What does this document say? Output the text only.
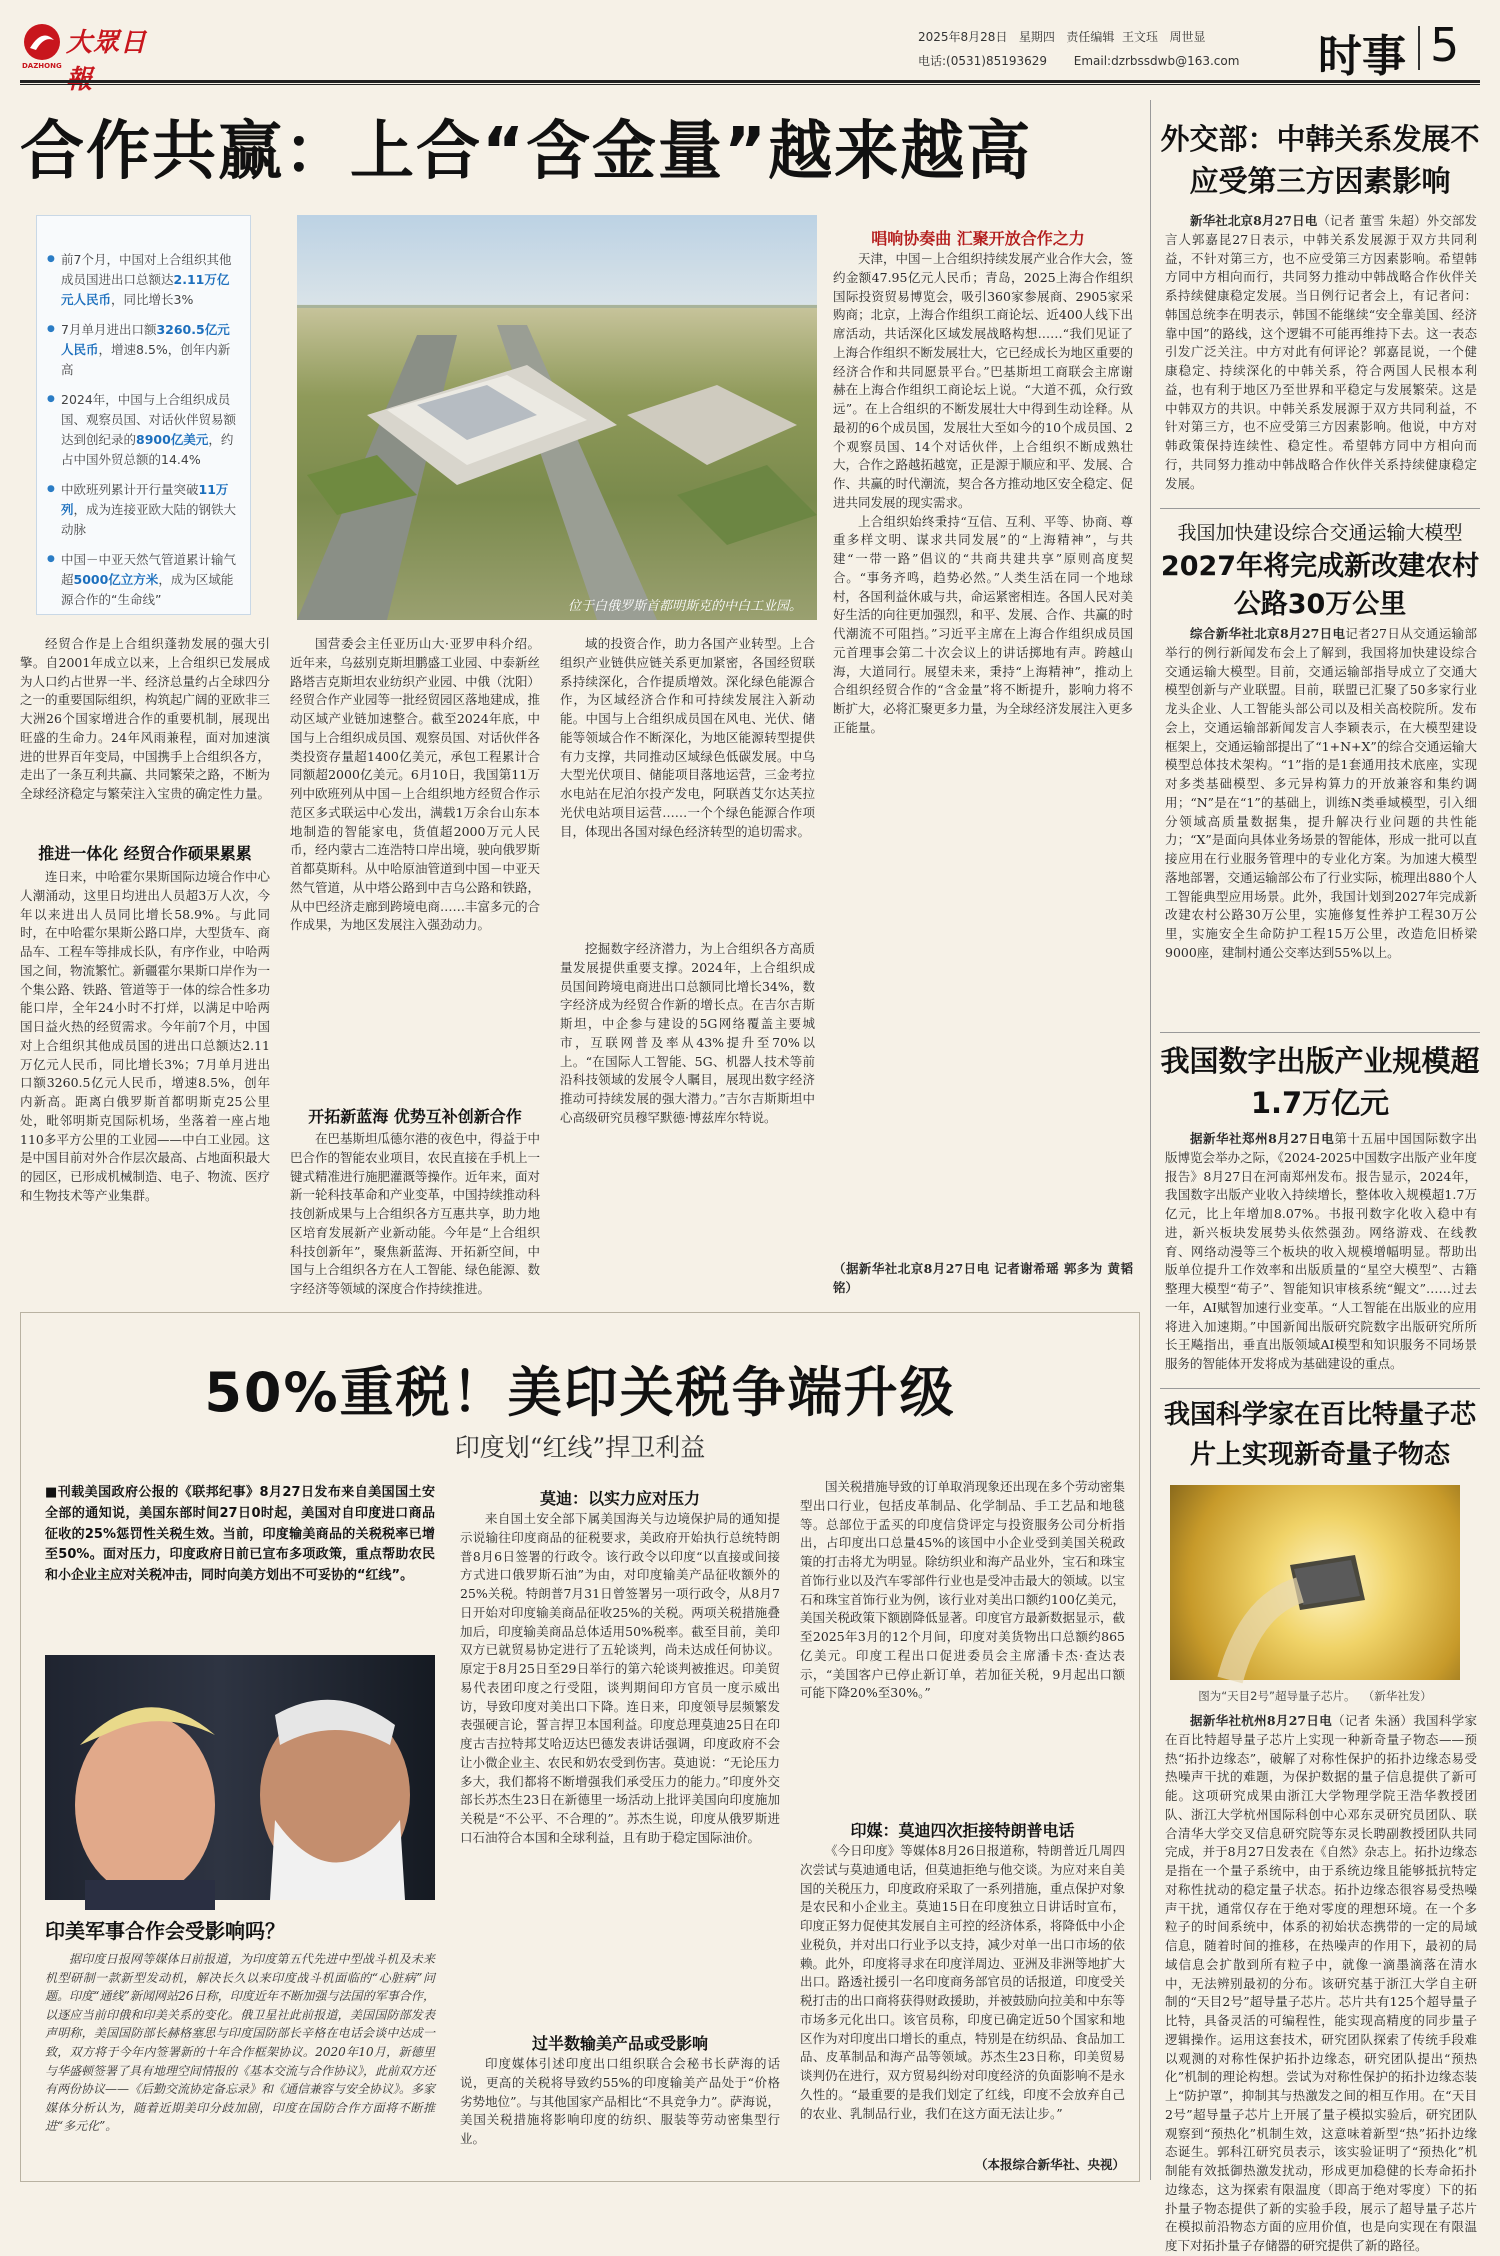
大眾日報
DAZHONG
2025年8月28日 星期四 责任编辑 王文珏 周世显
电话:(0531)85193629 Email:dzrbssdwb@163.com 时事 5
合作共赢：上合“含金量”越来越高
● 前7个月，中国对上合组织其他成员国进出口总额达2.11万亿元人民币，同比增长3%
● 7月单月进出口额3260.5亿元人民币，增速8.5%，创年内新高
● 2024年，中国与上合组织成员国、观察员国、对话伙伴贸易额达到创纪录的8900亿美元，约占中国外贸总额的14.4%
● 中欧班列累计开行量突破11万列，成为连接亚欧大陆的钢铁大动脉
● 中国－中亚天然气管道累计输气超5000亿立方米，成为区域能源合作的“生命线”	位于白俄罗斯首都明斯克的中白工业园。
唱响协奏曲 汇聚开放合作之力

天津，中国－上合组织持续发展产业合作大会，签约金额47.95亿元人民币；青岛，2025上海合作组织国际投资贸易博览会，吸引360家参展商、2905家采购商；北京，上海合作组织工商论坛、近400人线下出席活动，共话深化区域发展战略构想……“我们见证了上海合作组织不断发展壮大，它已经成长为地区重要的经济合作和共同愿景平台。”巴基斯坦工商联会主席谢赫在上海合作组织工商论坛上说。“大道不孤，众行致远”。在上合组织的不断发展壮大中得到生动诠释。从最初的6个成员国，发展壮大至如今的10个成员国、2个观察员国、14个对话伙伴，上合组织不断成熟壮大，合作之路越拓越宽，正是源于顺应和平、发展、合作、共赢的时代潮流，契合各方推动地区安全稳定、促进共同发展的现实需求。

上合组织始终秉持“互信、互利、平等、协商、尊重多样文明、谋求共同发展”的“上海精神”，与共建“一带一路”倡议的“共商共建共享”原则高度契合。“事务齐鸣，趋势必然。”人类生活在同一个地球村，各国利益休戚与共，命运紧密相连。各国人民对美好生活的向往更加强烈，和平、发展、合作、共赢的时代潮流不可阻挡。”习近平主席在上海合作组织成员国元首理事会第二十次会议上的讲话掷地有声。跨越山海，大道同行。展望未来，秉持“上海精神”，推动上合组织经贸合作的“含金量”将不断提升，影响力将不断扩大，必将汇聚更多力量，为全球经济发展注入更多正能量。

（据新华社北京8月27日电 记者谢希瑶 郭多为 黄韬铭）

经贸合作是上合组织蓬勃发展的强大引擎。自2001年成立以来，上合组织已发展成为人口约占世界一半、经济总量约占全球四分之一的重要国际组织，构筑起广阔的亚欧非三大洲26个国家增进合作的重要机制，展现出旺盛的生命力。24年风雨兼程，面对加速演进的世界百年变局，中国携手上合组织各方，走出了一条互利共赢、共同繁荣之路，不断为全球经济稳定与繁荣注入宝贵的确定性力量。

推进一体化 经贸合作硕果累累

连日来，中哈霍尔果斯国际边境合作中心人潮涌动，这里日均进出人员超3万人次，今年以来进出人员同比增长58.9%。与此同时，在中哈霍尔果斯公路口岸，大型货车、商品车、工程车等排成长队，有序作业，中哈两国之间，物流繁忙。新疆霍尔果斯口岸作为一个集公路、铁路、管道等于一体的综合性多功能口岸，全年24小时不打烊，以满足中哈两国日益火热的经贸需求。今年前7个月，中国对上合组织其他成员国的进出口总额达2.11万亿元人民币，同比增长3%；7月单月进出口额3260.5亿元人民币，增速8.5%，创年内新高。距离白俄罗斯首都明斯克25公里处，毗邻明斯克国际机场，坐落着一座占地110多平方公里的工业园——中白工业园。这是中国目前对外合作层次最高、占地面积最大的园区，已形成机械制造、电子、物流、医疗和生物技术等产业集群。

国营委会主任亚历山大·亚罗申科介绍。近年来，乌兹别克斯坦鹏盛工业园、中泰新丝路塔吉克斯坦农业纺织产业园、中俄（沈阳）经贸合作产业园等一批经贸园区落地建成，推动区域产业链加速整合。截至2024年底，中国与上合组织成员国、观察员国、对话伙伴各类投资存量超1400亿美元，承包工程累计合同额超2000亿美元。6月10日，我国第11万列中欧班列从中国－上合组织地方经贸合作示范区多式联运中心发出，满载1万余台山东本地制造的智能家电，货值超2000万元人民币，经内蒙古二连浩特口岸出境，驶向俄罗斯首都莫斯科。从中哈原油管道到中国－中亚天然气管道，从中塔公路到中吉乌公路和铁路，从中巴经济走廊到跨境电商……丰富多元的合作成果，为地区发展注入强劲动力。

开拓新蓝海 优势互补创新合作

在巴基斯坦瓜德尔港的夜色中，得益于中巴合作的智能农业项目，农民直接在手机上一键式精准进行施肥灌溉等操作。近年来，面对新一轮科技革命和产业变革，中国持续推动科技创新成果与上合组织各方互惠共享，助力地区培育发展新产业新动能。今年是“上合组织科技创新年”，聚焦新蓝海、开拓新空间，中国与上合组织各方在人工智能、绿色能源、数字经济等领域的深度合作持续推进。

域的投资合作，助力各国产业转型。上合组织产业链供应链关系更加紧密，各国经贸联系持续深化，合作提质增效。深化绿色能源合作，为区域经济合作和可持续发展注入新动能。中国与上合组织成员国在风电、光伏、储能等领域合作不断深化，为地区能源转型提供有力支撑，共同推动区域绿色低碳发展。中乌大型光伏项目、储能项目落地运营，三金考拉水电站在尼泊尔投产发电，阿联酋艾尔达芙拉光伏电站项目运营……一个个绿色能源合作项目，体现出各国对绿色经济转型的追切需求。

挖掘数字经济潜力，为上合组织各方高质量发展提供重要支撑。2024年，上合组织成员国间跨境电商进出口总额同比增长34%，数字经济成为经贸合作新的增长点。在吉尔吉斯斯坦，中企参与建设的5G网络覆盖主要城市，互联网普及率从43%提升至70%以上。“在国际人工智能、5G、机器人技术等前沿科技领域的发展令人瞩目，展现出数字经济推动可持续发展的强大潜力。”吉尔吉斯斯坦中心高级研究员穆罕默德·博兹库尔特说。

外交部：中韩关系发展不应受第三方因素影响

新华社北京8月27日电（记者 董雪 朱超）外交部发言人郭嘉昆27日表示，中韩关系发展源于双方共同利益，不针对第三方，也不应受第三方因素影响。希望韩方同中方相向而行，共同努力推动中韩战略合作伙伴关系持续健康稳定发展。当日例行记者会上，有记者问：韩国总统李在明表示，韩国不能继续“安全靠美国、经济靠中国”的路线，这个逻辑不可能再维持下去。这一表态引发广泛关注。中方对此有何评论？郭嘉昆说，一个健康稳定、持续深化的中韩关系，符合两国人民根本利益，也有利于地区乃至世界和平稳定与发展繁荣。这是中韩双方的共识。中韩关系发展源于双方共同利益，不针对第三方，也不应受第三方因素影响。他说，中方对韩政策保持连续性、稳定性。希望韩方同中方相向而行，共同努力推动中韩战略合作伙伴关系持续健康稳定发展。

我国加快建设综合交通运输大模型
2027年将完成新改建农村公路30万公里

综合新华社北京8月27日电记者27日从交通运输部举行的例行新闻发布会上了解到，我国将加快建设综合交通运输大模型。目前，交通运输部指导成立了交通大模型创新与产业联盟。目前，联盟已汇聚了50多家行业龙头企业、人工智能头部公司以及相关高校院所。发布会上，交通运输部新闻发言人李颖表示，在大模型建设框架上，交通运输部提出了“1+N+X”的综合交通运输大模型总体技术架构。“1”指的是1套通用技术底座，实现对多类基础模型、多元异构算力的开放兼容和集约调用；“N”是在“1”的基础上，训练N类垂域模型，引入细分领域高质量数据集，提升解决行业问题的共性能力；“X”是面向具体业务场景的智能体，形成一批可以直接应用在行业服务管理中的专业化方案。为加速大模型落地部署，交通运输部公布了行业实际，梳理出880个人工智能典型应用场景。此外，我国计划到2027年完成新改建农村公路30万公里，实施修复性养护工程30万公里，实施安全生命防护工程15万公里，改造危旧桥梁9000座，建制村通公交率达到55%以上。

我国数字出版产业规模超1.7万亿元

据新华社郑州8月27日电第十五届中国国际数字出版博览会举办之际，《2024-2025中国数字出版产业年度报告》8月27日在河南郑州发布。报告显示，2024年，我国数字出版产业收入持续增长，整体收入规模超1.7万亿元，比上年增加8.07%。书报刊数字化收入稳中有进，新兴板块发展势头依然强劲。网络游戏、在线教育、网络动漫等三个板块的收入规模增幅明显。帮助出版单位提升工作效率和出版质量的“星空大模型”、古籍整理大模型“荀子”、智能知识审核系统“鲲文”……过去一年，AI赋智加速行业变革。“人工智能在出版业的应用将进入加速期。”中国新闻出版研究院数字出版研究所所长王飚指出，垂直出版领域AI模型和知识服务不同场景服务的智能体开发将成为基础建设的重点。

我国科学家在百比特量子芯片上实现新奇量子物态
图为“天目2号”超导量子芯片。 （新华社发）

据新华社杭州8月27日电（记者 朱涵）我国科学家在百比特超导量子芯片上实现一种新奇量子物态——预热“拓扑边缘态”，破解了对称性保护的拓扑边缘态易受热噪声干扰的难题，为保护数据的量子信息提供了新可能。这项研究成果由浙江大学物理学院王浩华教授团队、浙江大学杭州国际科创中心邓东灵研究员团队、联合清华大学交叉信息研究院等东灵长聘副教授团队共同完成，并于8月27日发表在《自然》杂志上。拓扑边缘态是指在一个量子系统中，由于系统边缘且能够抵抗特定对称性扰动的稳定量子状态。拓扑边缘态很容易受热噪声干扰，通常仅存在于绝对零度的理想环境。在一个多粒子的时间系统中，体系的初始状态携带的一定的局域信息，随着时间的推移，在热噪声的作用下，最初的局域信息会扩散到所有粒子中，就像一滴墨滴落在清水中，无法辨别最初的分布。该研究基于浙江大学自主研制的“天目2号”超导量子芯片。芯片共有125个超导量子比特，具备灵活的可编程性，能实现高精度的同步量子逻辑操作。运用这套技术，研究团队探索了传统手段难以观测的对称性保护拓扑边缘态，研究团队提出“预热化”机制的理论构想。尝试为对称性保护的拓扑边缘态装上“防护罩”，抑制其与热激发之间的相互作用。在“天目2号”超导量子芯片上开展了量子模拟实验后，研究团队观察到“预热化”机制生效，这意味着新型“热”拓扑边缘态诞生。郭科江研究员表示，该实验证明了“预热化”机制能有效抵御热激发扰动，形成更加稳健的长寿命拓扑边缘态，这为探索有限温度（即高于绝对零度）下的拓扑量子物态提供了新的实验手段，展示了超导量子芯片在模拟前沿物态方面的应用价值，也是向实现在有限温度下对拓扑量子存储器的研究提供了新的路径。

50%重税！美印关税争端升级
印度划“红线”捍卫利益
■刊载美国政府公报的《联邦纪事》8月27日发布来自美国国土安全部的通知说，美国东部时间27日0时起，美国对自印度进口商品征收的25%惩罚性关税生效。当前，印度输美商品的关税税率已增至50%。面对压力，印度政府日前已宣布多项政策，重点帮助农民和小企业主应对关税冲击，同时向美方划出不可妥协的“红线”。
印美军事合作会受影响吗？
据印度日报网等媒体日前报道，为印度第五代先进中型战斗机及未来机型研制一款新型发动机，解决长久以来印度战斗机面临的“心脏病”问题。印度“通线”新闻网站26日称，印度近年不断加强与法国的军事合作，以逐应当前印俄和印美关系的变化。俄卫星社此前报道，美国国防部发表声明称，美国国防部长赫格塞思与印度国防部长辛格在电话会谈中达成一致，双方将于今年内签署新的十年合作框架协议。2020年10月，新德里与华盛顿签署了具有地理空间情报的《基本交流与合作协议》，此前双方还有两份协议——《后勤交流协定备忘录》和《通信兼容与安全协议》。多家媒体分析认为，随着近期美印分歧加剧，印度在国防合作方面将不断推进“多元化”。
莫迪：以实力应对压力

来自国土安全部下属美国海关与边境保护局的通知提示说输往印度商品的征税要求，美政府开始执行总统特朗普8月6日签署的行政令。该行政令以印度“以直接或间接方式进口俄罗斯石油”为由，对印度输美产品征收额外的25%关税。特朗普7月31日曾签署另一项行政令，从8月7日开始对印度输美商品征收25%的关税。两项关税措施叠加后，印度输美商品总体适用50%税率。截至目前，美印双方已就贸易协定进行了五轮谈判，尚未达成任何协议。原定于8月25日至29日举行的第六轮谈判被推迟。印美贸易代表团印度之行受阻，谈判期间印方官员一度示威出访，导致印度对美出口下降。连日来，印度领导层频繁发表强硬言论，誓言捍卫本国利益。印度总理莫迪25日在印度古吉拉特邦艾哈迈达巴德发表讲话强调，印度政府不会让小微企业主、农民和奶农受到伤害。莫迪说：“无论压力多大，我们都将不断增强我们承受压力的能力。”印度外交部长苏杰生23日在新德里一场活动上批评美国向印度施加关税是“不公平、不合理的”。苏杰生说，印度从俄罗斯进口石油符合本国和全球利益，且有助于稳定国际油价。

过半数输美产品或受影响

印度媒体引述印度出口组织联合会秘书长萨海的话说，更高的关税将导致约55%的印度输美产品处于“价格劣势地位”。与其他国家产品相比“不具竞争力”。萨海说，美国关税措施将影响印度的纺织、服装等劳动密集型行业。

国关税措施导致的订单取消现象还出现在多个劳动密集型出口行业，包括皮革制品、化学制品、手工艺品和地毯等。总部位于孟买的印度信贷评定与投资服务公司分析指出，占印度出口总量45%的该国中小企业受到美国关税政策的打击将尤为明显。除纺织业和海产品业外，宝石和珠宝首饰行业以及汽车零部件行业也是受冲击最大的领域。以宝石和珠宝首饰行业为例，该行业对美出口额约100亿美元，美国关税政策下额剧降低显著。印度官方最新数据显示，截至2025年3月的12个月间，印度对美货物出口总额约865亿美元。印度工程出口促进委员会主席潘卡杰·查达表示，“美国客户已停止新订单，若加征关税，9月起出口额可能下降20%至30%。”

印媒：莫迪四次拒接特朗普电话

《今日印度》等媒体8月26日报道称，特朗普近几周四次尝试与莫迪通电话，但莫迪拒绝与他交谈。为应对来自美国的关税压力，印度政府采取了一系列措施，重点保护对象是农民和小企业主。莫迪15日在印度独立日讲话时宣布，印度正努力促使其发展自主可控的经济体系，将降低中小企业税负，并对出口行业予以支持，减少对单一出口市场的依赖。此外，印度将寻求在印度洋周边、亚洲及非洲等地扩大出口。路透社援引一名印度商务部官员的话报道，印度受关税打击的出口商将获得财政援助，并被鼓励向拉美和中东等市场多元化出口。该官员称，印度已确定近50个国家和地区作为对印度出口增长的重点，特别是在纺织品、食品加工品、皮革制品和海产品等领域。苏杰生23日称，印美贸易谈判仍在进行，双方贸易纠纷对印度经济的负面影响不是永久性的。“最重要的是我们划定了红线，印度不会放弃自己的农业、乳制品行业，我们在这方面无法让步。”

（本报综合新华社、央视）
